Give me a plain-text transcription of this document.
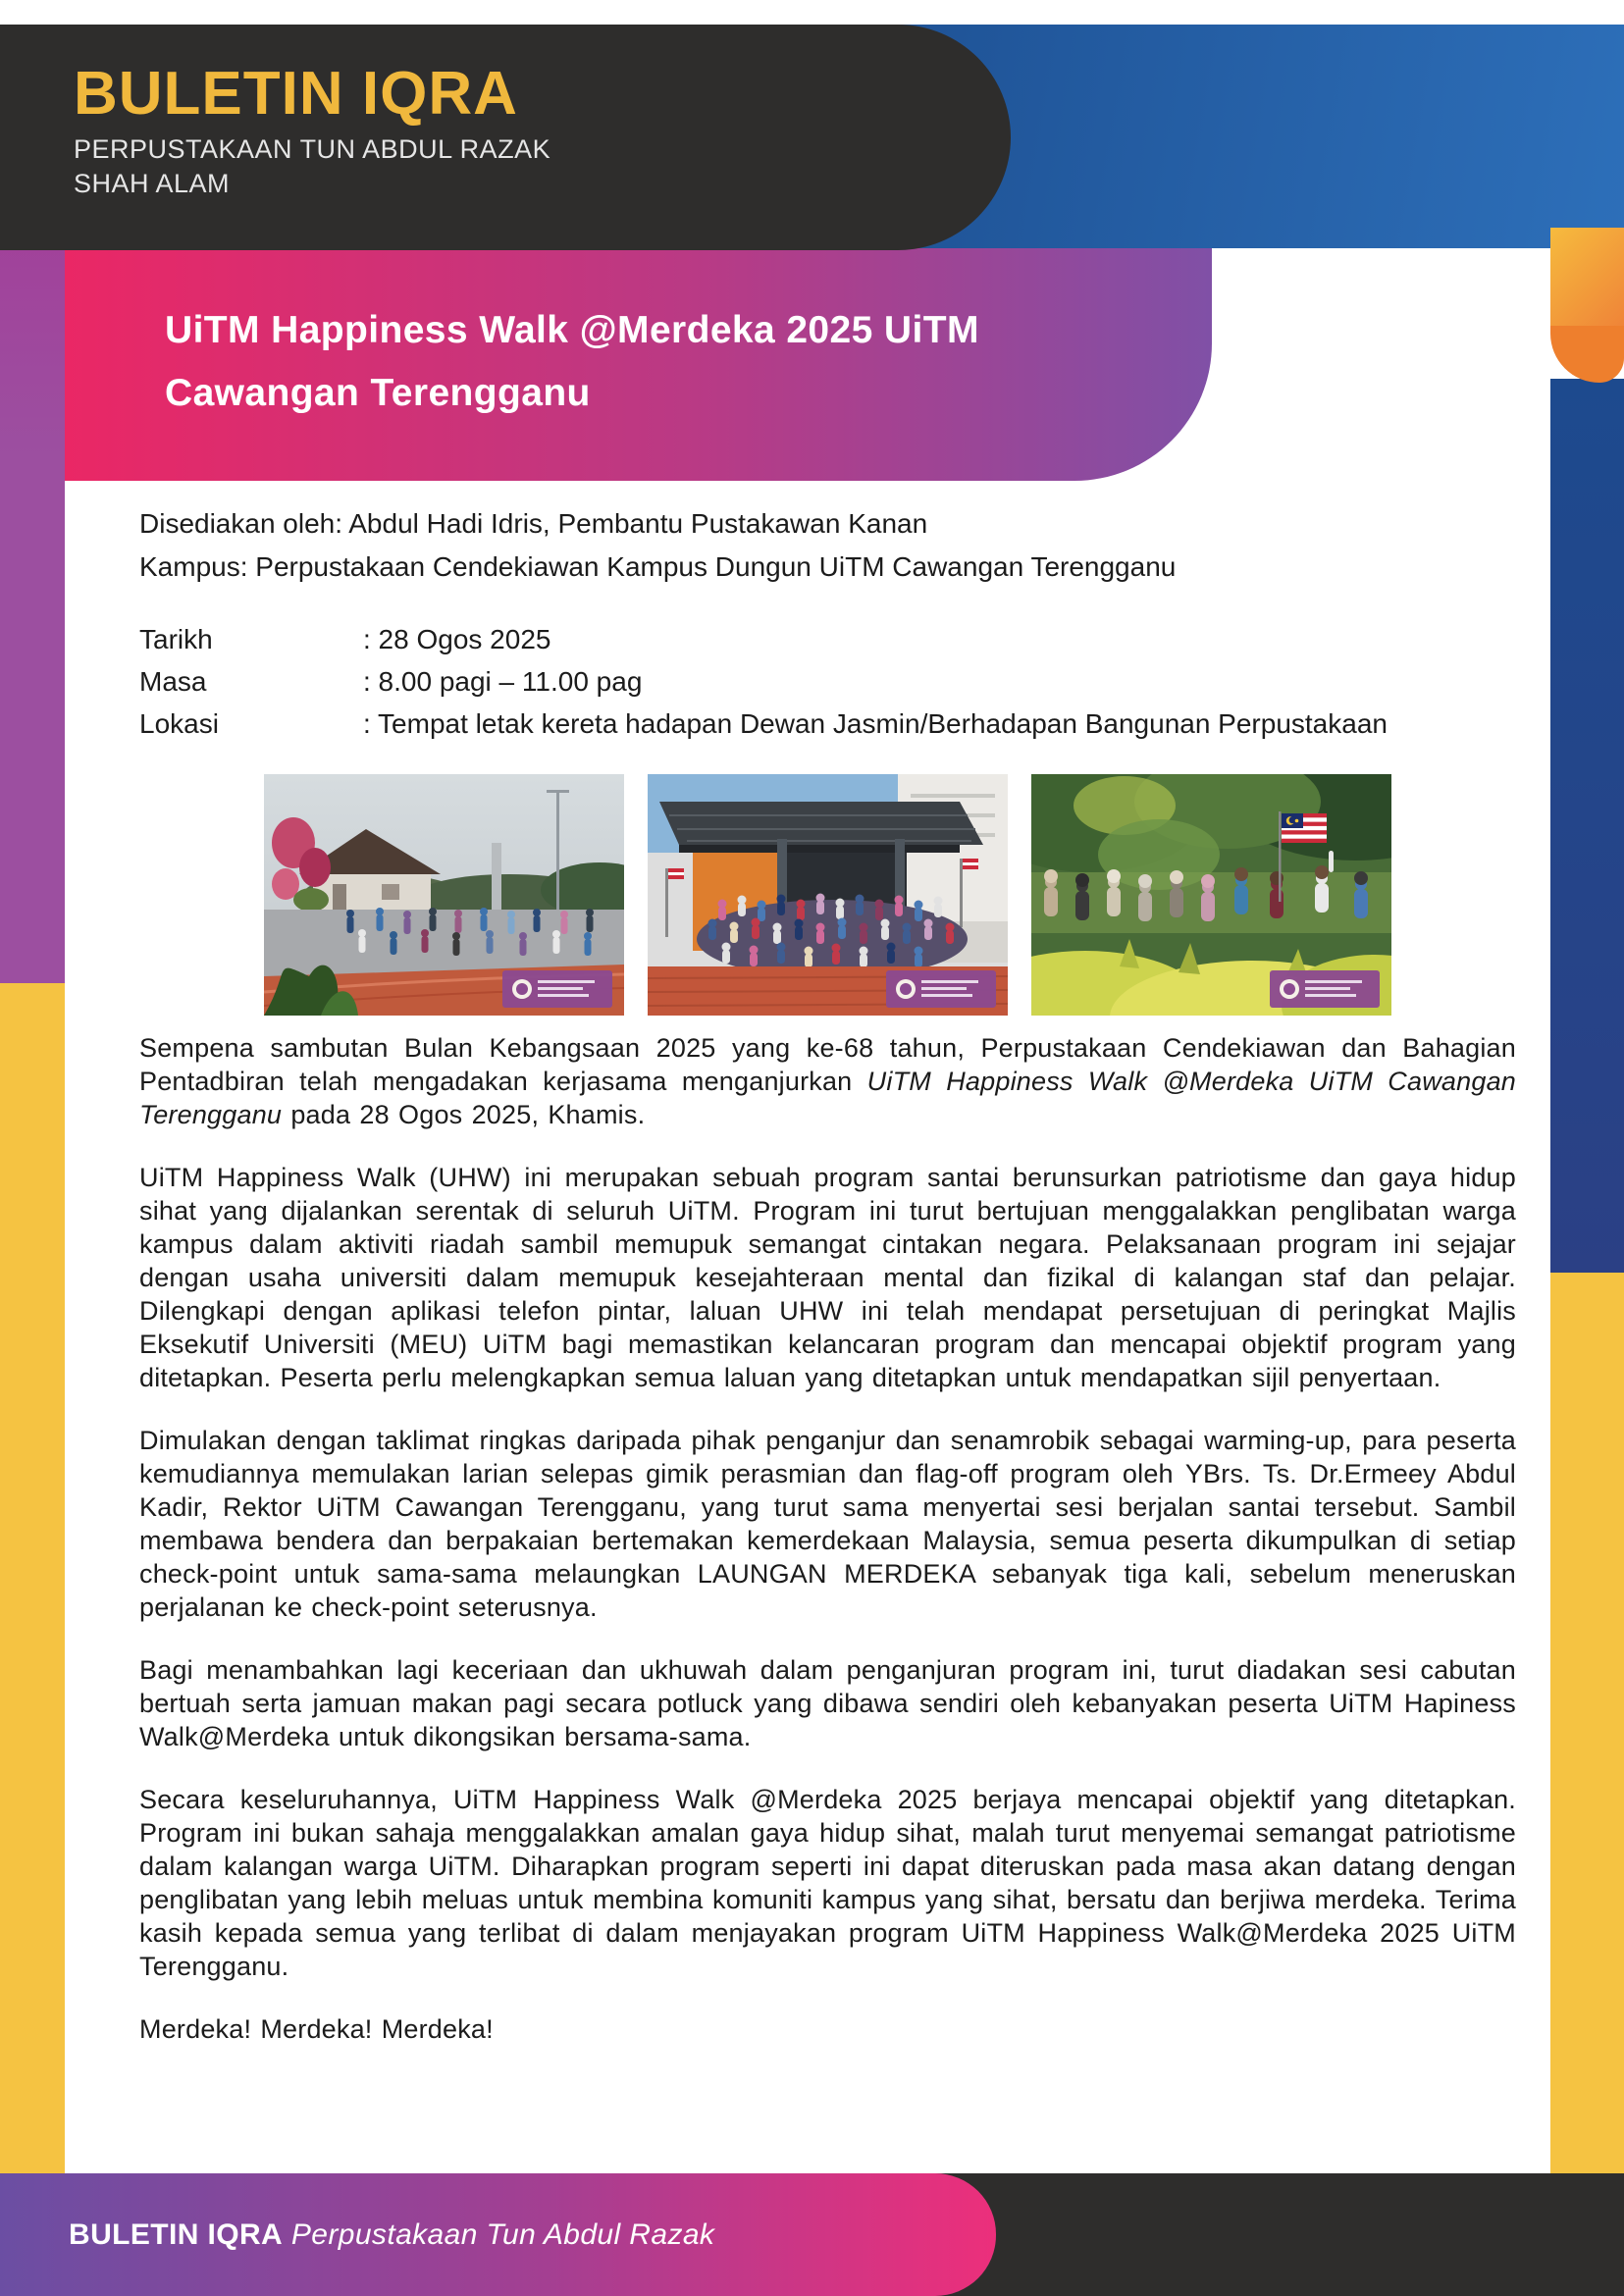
BULETIN IQRA
PERPUSTAKAAN TUN ABDUL RAZAK
SHAH ALAM
UiTM Happiness Walk @Merdeka 2025 UiTM
Cawangan Terengganu
Disediakan oleh: Abdul Hadi Idris, Pembantu Pustakawan Kanan
Kampus: Perpustakaan Cendekiawan Kampus Dungun UiTM Cawangan Terengganu
Tarikh	: 28 Ogos 2025
Masa	: 8.00 pagi – 11.00 pag
Lokasi	: Tempat letak kereta hadapan Dewan Jasmin/Berhadapan Bangunan Perpustakaan

Sempena sambutan Bulan Kebangsaan 2025 yang ke-68 tahun, Perpustakaan Cendekiawan dan Bahagian Pentadbiran telah mengadakan kerjasama menganjurkan UiTM Happiness Walk @Merdeka UiTM Cawangan Terengganu pada 28 Ogos 2025, Khamis.

UiTM Happiness Walk (UHW) ini merupakan sebuah program santai berunsurkan patriotisme dan gaya hidup sihat yang dijalankan serentak di seluruh UiTM. Program ini turut bertujuan menggalakkan penglibatan warga kampus dalam aktiviti riadah sambil memupuk semangat cintakan negara. Pelaksanaan program ini sejajar dengan usaha universiti dalam memupuk kesejahteraan mental dan fizikal di kalangan staf dan pelajar. Dilengkapi dengan aplikasi telefon pintar, laluan UHW ini telah mendapat persetujuan di peringkat Majlis Eksekutif Universiti (MEU) UiTM bagi memastikan kelancaran program dan mencapai objektif program yang ditetapkan. Peserta perlu melengkapkan semua laluan yang ditetapkan untuk mendapatkan sijil penyertaan.

Dimulakan dengan taklimat ringkas daripada pihak penganjur dan senamrobik sebagai warming-up, para peserta kemudiannya memulakan larian selepas gimik perasmian dan flag-off program oleh YBrs. Ts. Dr.Ermeey Abdul Kadir, Rektor UiTM Cawangan Terengganu, yang turut sama menyertai sesi berjalan santai tersebut. Sambil membawa bendera dan berpakaian bertemakan kemerdekaan Malaysia, semua peserta dikumpulkan di setiap check-point untuk sama-sama melaungkan LAUNGAN MERDEKA sebanyak tiga kali, sebelum meneruskan perjalanan ke check-point seterusnya.

Bagi menambahkan lagi keceriaan dan ukhuwah dalam penganjuran program ini, turut diadakan sesi cabutan bertuah serta jamuan makan pagi secara potluck yang dibawa sendiri oleh kebanyakan peserta UiTM Hapiness Walk@Merdeka untuk dikongsikan bersama-sama.

Secara keseluruhannya, UiTM Happiness Walk @Merdeka 2025 berjaya mencapai objektif yang ditetapkan. Program ini bukan sahaja menggalakkan amalan gaya hidup sihat, malah turut menyemai semangat patriotisme dalam kalangan warga UiTM. Diharapkan program seperti ini dapat diteruskan pada masa akan datang dengan penglibatan yang lebih meluas untuk membina komuniti kampus yang sihat, bersatu dan berjiwa merdeka. Terima kasih kepada semua yang terlibat di dalam menjayakan program UiTM Happiness Walk@Merdeka 2025 UiTM Terengganu.

Merdeka! Merdeka! Merdeka!

BULETIN IQRA Perpustakaan Tun Abdul Razak
